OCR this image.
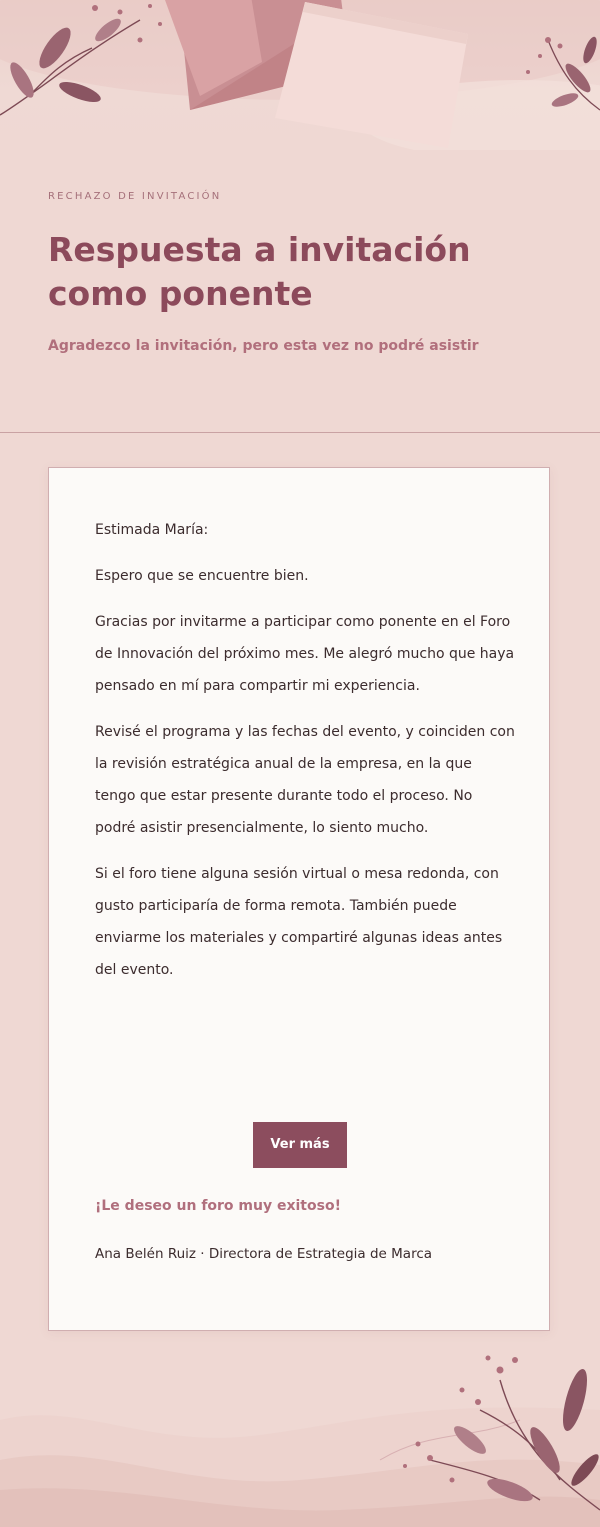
RECHAZO DE INVITACIÓN

Respuesta a invitación como ponente

Agradezco la invitación, pero esta vez no podré asistir

Estimada María:

Espero que se encuentre bien.

Gracias por invitarme a participar como ponente en el Foro de Innovación del próximo mes. Me alegró mucho que haya pensado en mí para compartir mi experiencia.

Revisé el programa y las fechas del evento, y coinciden con la revisión estratégica anual de la empresa, en la que tengo que estar presente durante todo el proceso. No podré asistir presencialmente, lo siento mucho.

Si el foro tiene alguna sesión virtual o mesa redonda, con gusto participaría de forma remota. También puede enviarme los materiales y compartiré algunas ideas antes del evento.

Ver más

¡Le deseo un foro muy exitoso!

Ana Belén Ruiz · Directora de Estrategia de Marca
